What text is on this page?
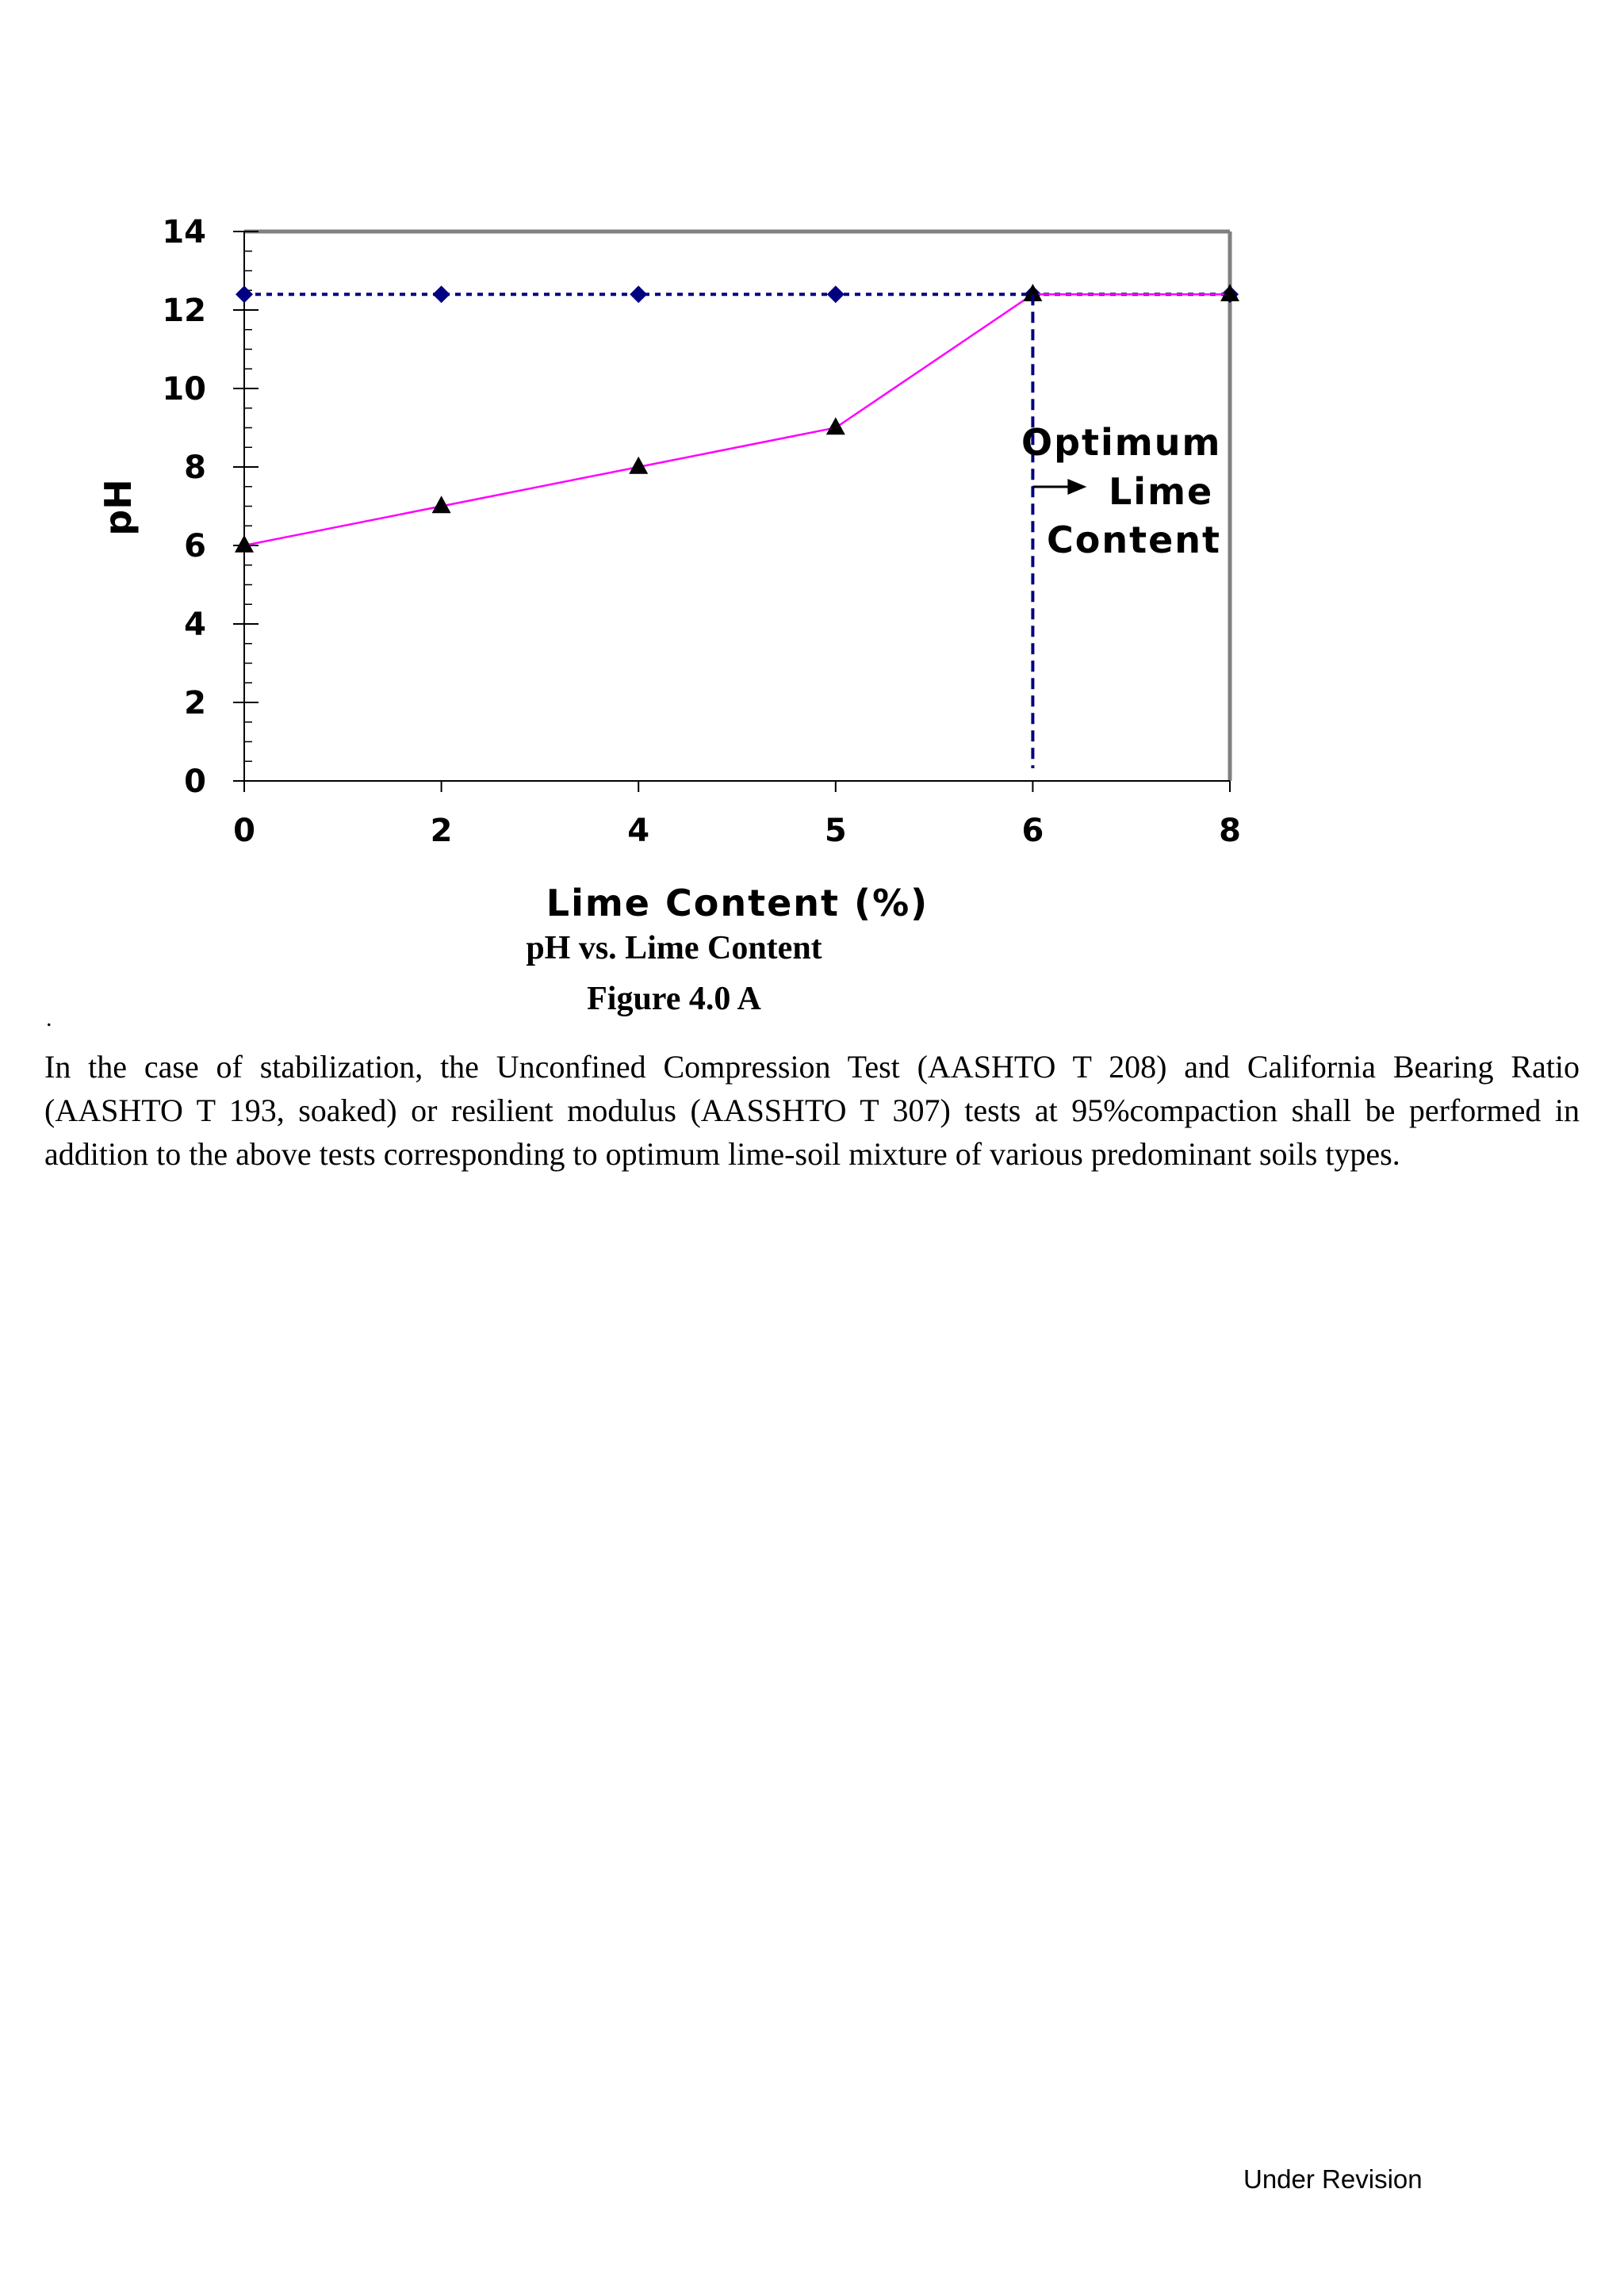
0
2
4
6
8
10
12
14
0	2	4	5	6	8
Optimum
Lime
Content
Lime Content (%)
pH

pH vs. Lime Content

Figure 4.0 A

.

In the case of stabilization, the Unconfined Compression Test (AASHTO T 208) and California Bearing Ratio (AASHTO T 193, soaked) or resilient modulus (AASSHTO T 307) tests at 95%compaction shall be performed in addition to the above tests corresponding to optimum lime-soil mixture of various predominant soils types.

Under Revision
